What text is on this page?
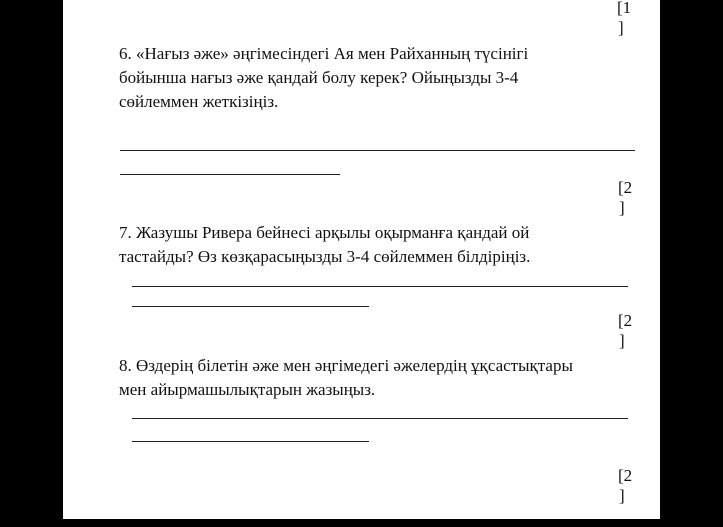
[1
]
6. «Нағыз әже» әңгімесіндегі Ая мен Райханның түсінігі
бойынша нағыз әже қандай болу керек? Ойыңызды 3-4
сөйлеммен жеткізіңіз.
[2
]
7. Жазушы Ривера бейнесі арқылы оқырманға қандай ой
тастайды? Өз көзқарасыңызды 3-4 сөйлеммен білдіріңіз.
[2
]
8. Өздерің білетін әже мен әңгімедегі әжелердің ұқсастықтары
мен айырмашылықтарын жазыңыз.
[2
]
